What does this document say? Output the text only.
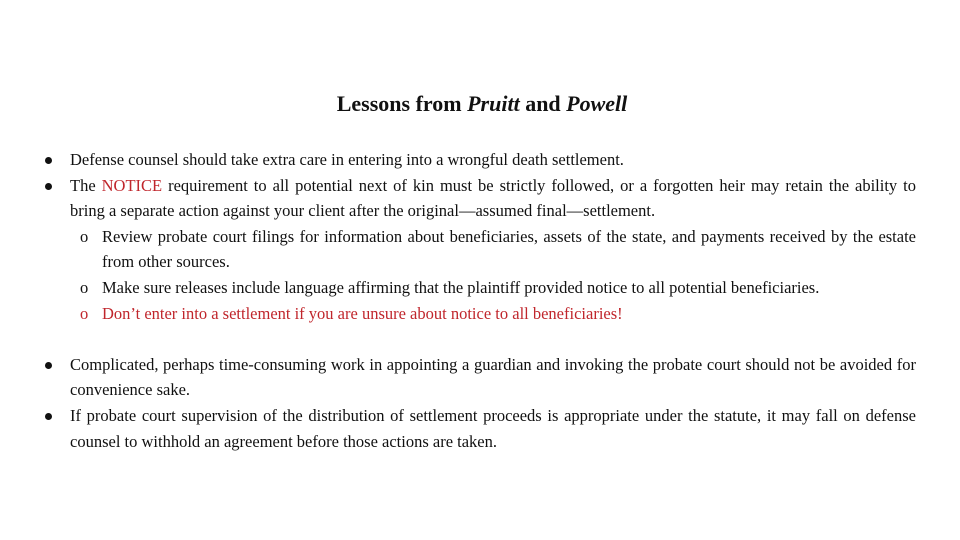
Lessons from Pruitt and Powell
Defense counsel should take extra care in entering into a wrongful death settlement.
The NOTICE requirement to all potential next of kin must be strictly followed, or a forgotten heir may retain the ability to bring a separate action against your client after the original—assumed final—settlement.
o Review probate court filings for information about beneficiaries, assets of the state, and payments received by the estate from other sources.
o Make sure releases include language affirming that the plaintiff provided notice to all potential beneficiaries.
o Don’t enter into a settlement if you are unsure about notice to all beneficiaries!
Complicated, perhaps time-consuming work in appointing a guardian and invoking the probate court should not be avoided for convenience sake.
If probate court supervision of the distribution of settlement proceeds is appropriate under the statute, it may fall on defense counsel to withhold an agreement before those actions are taken.
